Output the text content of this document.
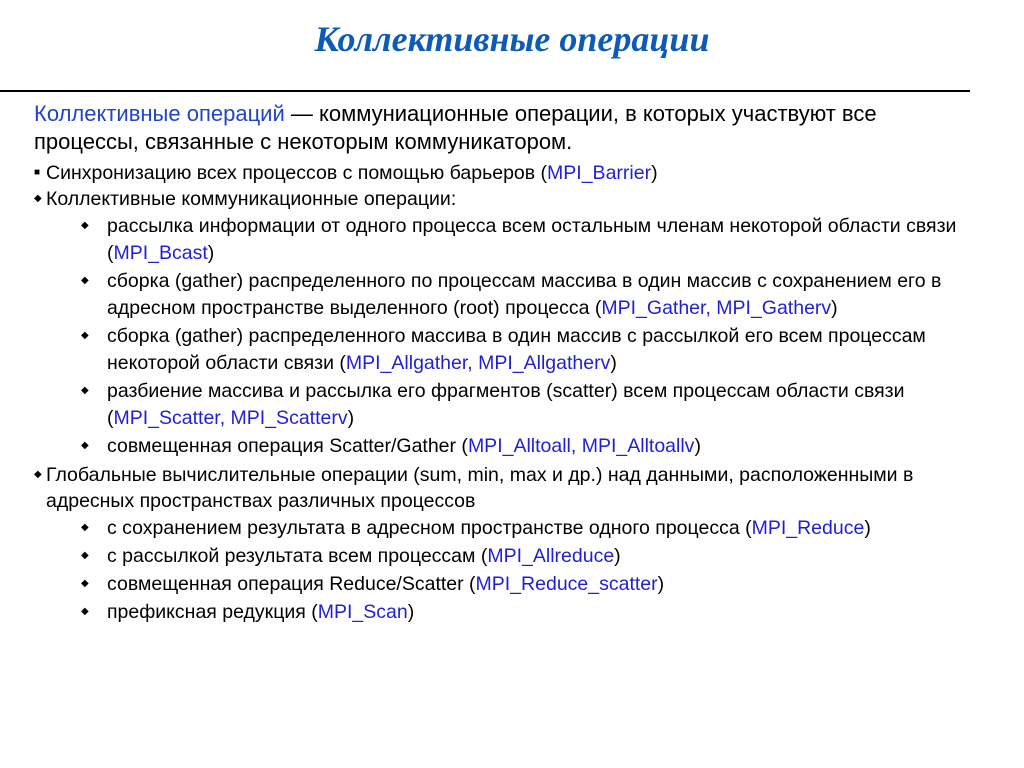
Коллективные операции

Коллективные операций — коммуниационные операции, в которых участвуют все процессы, связанные с некоторым коммуникатором.

■ Синхронизацию всех процессов с помощью барьеров (MPI_Barrier)

◆ Коллективные коммуникационные операции:

◆ рассылка информации от одного процесса всем остальным членам некоторой области связи (MPI_Bcast)

◆ сборка (gather) распределенного по процессам массива в один массив с сохранением его в адресном пространстве выделенного (root) процесса (MPI_Gather, MPI_Gatherv)

◆ сборка (gather) распределенного массива в один массив с рассылкой его всем процессам некоторой области связи (MPI_Allgather, MPI_Allgatherv)

◆ разбиение массива и рассылка его фрагментов (scatter) всем процессам области связи (MPI_Scatter, MPI_Scatterv)

◆ совмещенная операция Scatter/Gather (MPI_Alltoall, MPI_Alltoallv)

◆ Глобальные вычислительные операции (sum, min, max и др.) над данными, расположенными в адресных пространствах различных процессов

◆ с сохранением результата в адресном пространстве одного процесса (MPI_Reduce)

◆ с рассылкой результата всем процессам (MPI_Allreduce)

◆ совмещенная операция Reduce/Scatter (MPI_Reduce_scatter)

◆ префиксная редукция (MPI_Scan)
